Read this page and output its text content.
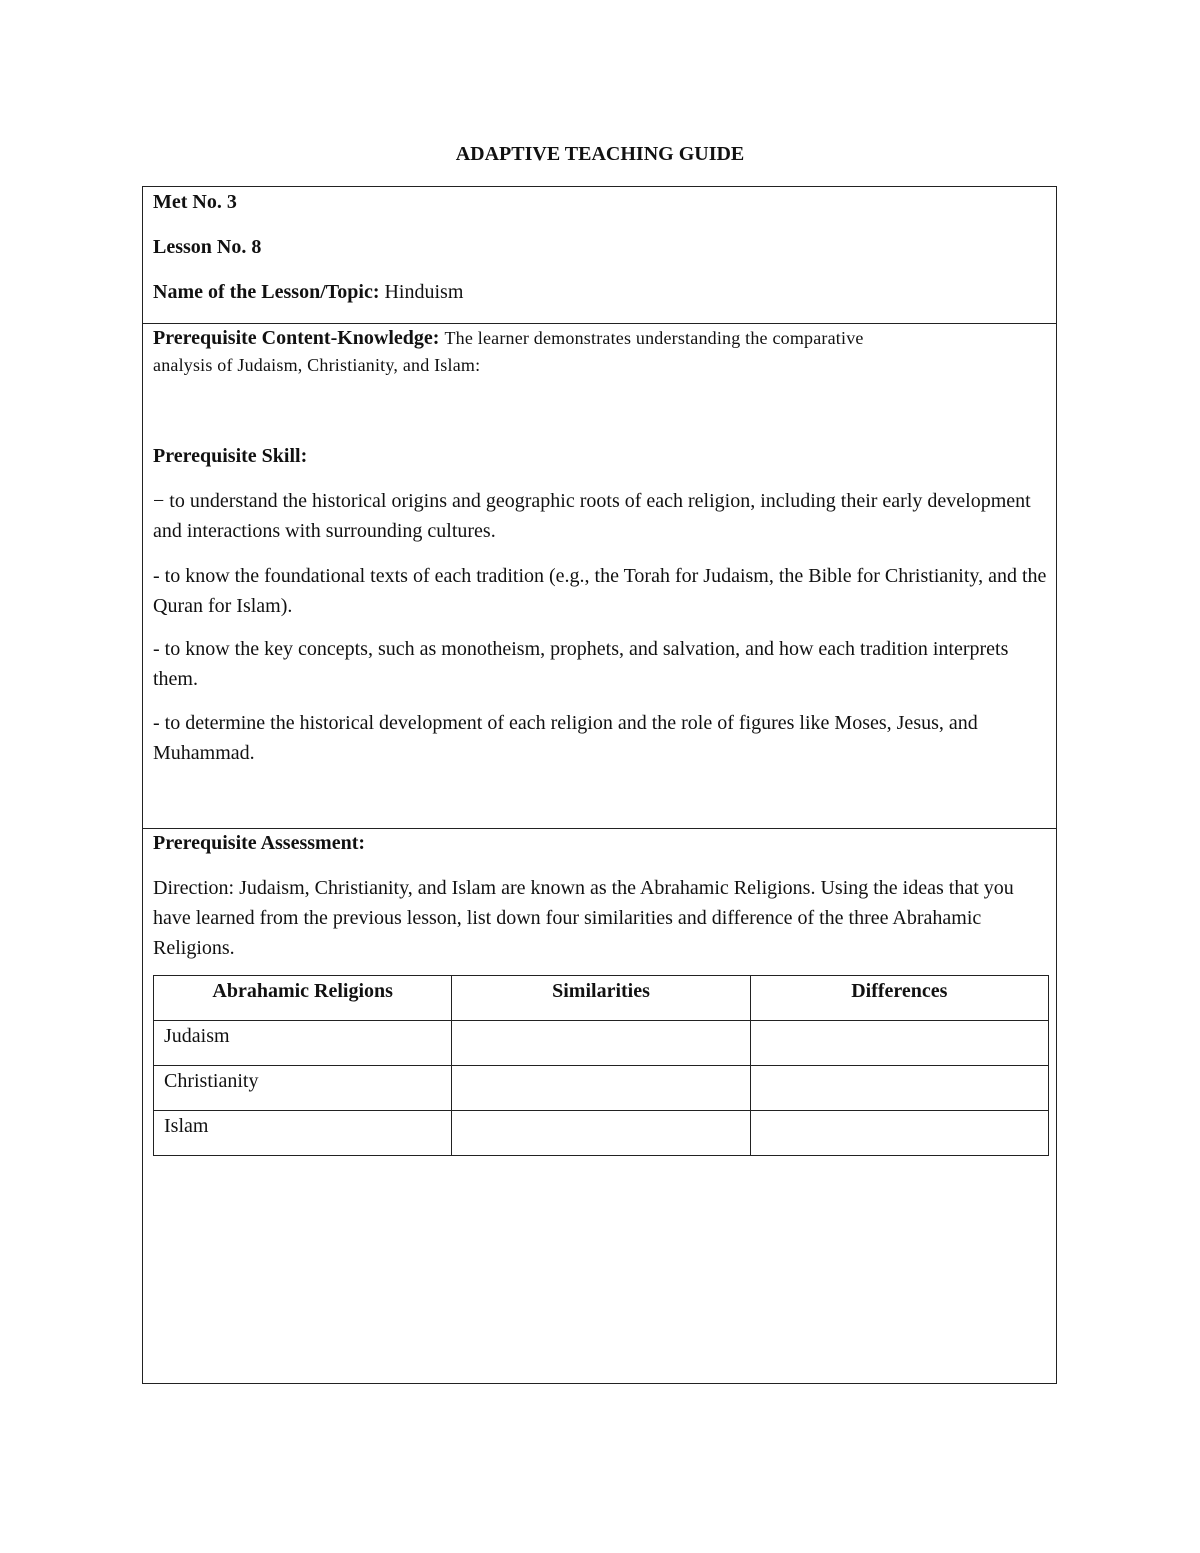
ADAPTIVE TEACHING GUIDE
Met No. 3
Lesson No. 8
Name of the Lesson/Topic: Hinduism
Prerequisite Content-Knowledge: The learner demonstrates understanding the comparative
analysis of Judaism, Christianity, and Islam:
Prerequisite Skill:
− to understand the historical origins and geographic roots of each religion, including their early development and interactions with surrounding cultures.
- to know the foundational texts of each tradition (e.g., the Torah for Judaism, the Bible for Christianity, and the Quran for Islam).
- to know the key concepts, such as monotheism, prophets, and salvation, and how each tradition interprets them.
- to determine the historical development of each religion and the role of figures like Moses, Jesus, and Muhammad.
Prerequisite Assessment:
Direction: Judaism, Christianity, and Islam are known as the Abrahamic Religions. Using the ideas that you have learned from the previous lesson, list down four similarities and difference of the three Abrahamic Religions.
Abrahamic Religions	Similarities	Differences
Judaism		
Christianity		
Islam		
